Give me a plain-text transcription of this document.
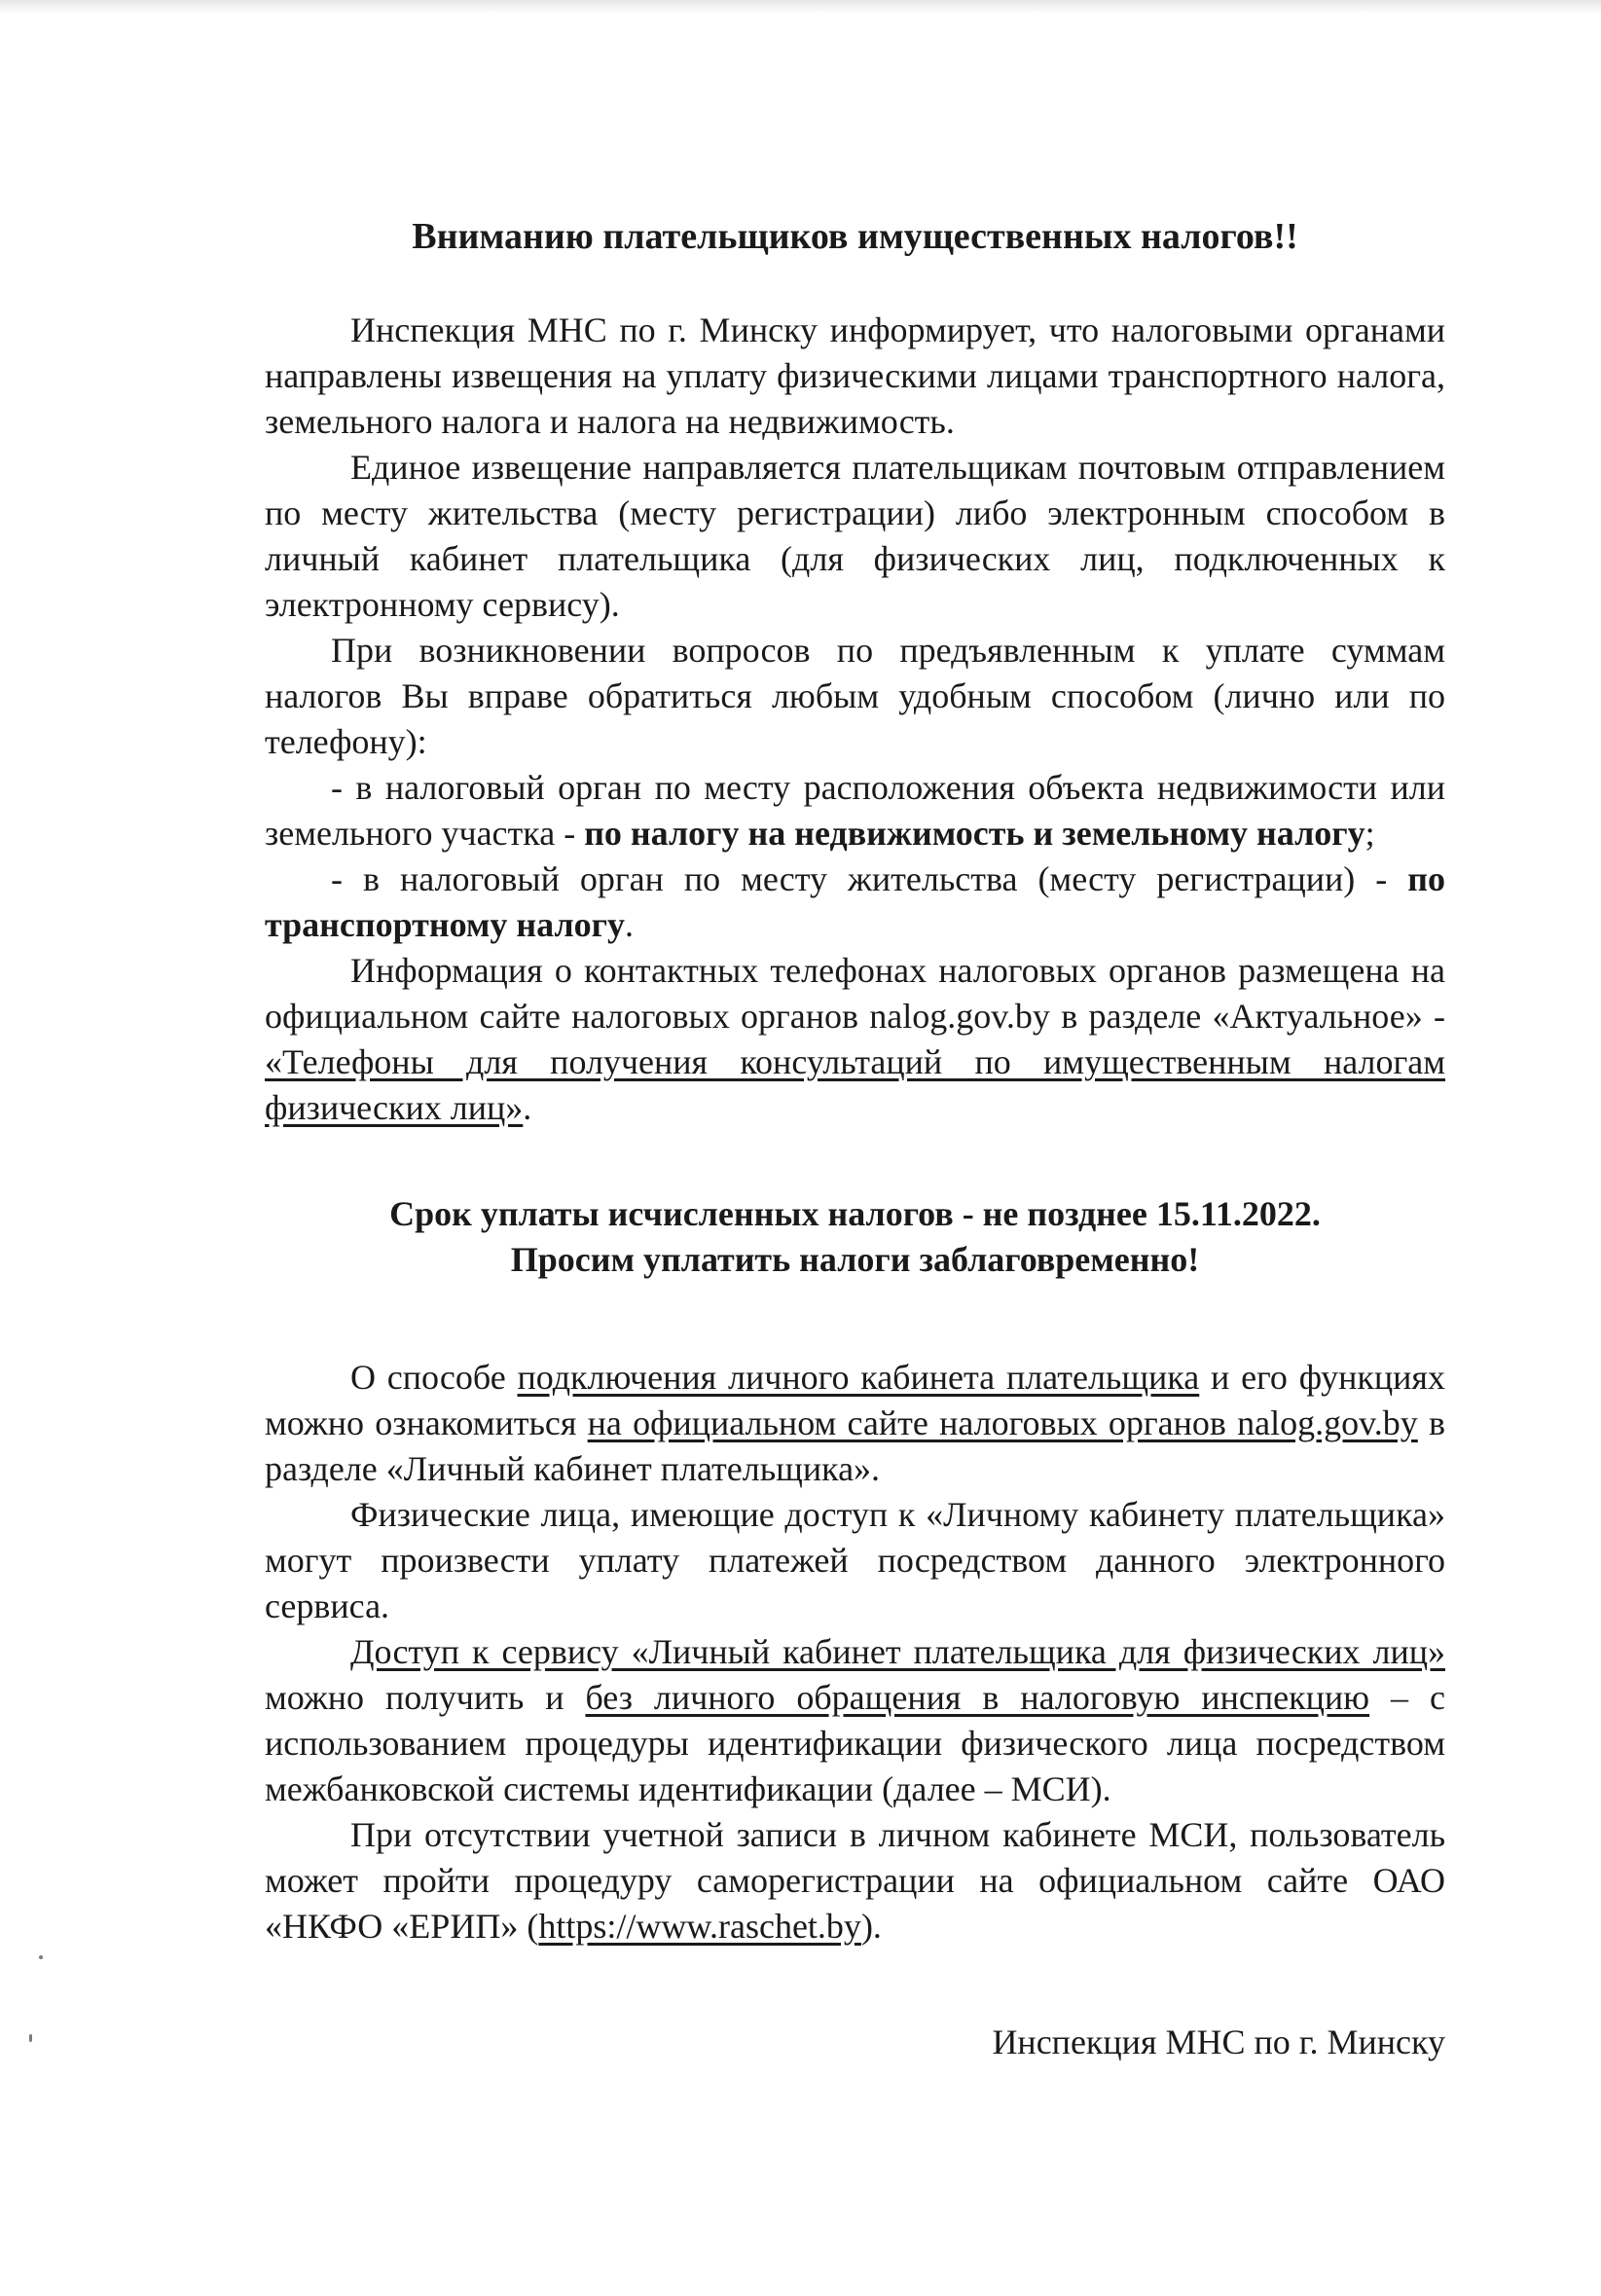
Вниманию плательщиков имущественных налогов!!

Инспекция МНС по г. Минску информирует, что налоговыми органами направлены извещения на уплату физическими лицами транспортного налога, земельного налога и налога на недвижимость.

Единое извещение направляется плательщикам почтовым отправлением по месту жительства (месту регистрации) либо электронным способом в личный кабинет плательщика (для физических лиц, подключенных к электронному сервису).

При возникновении вопросов по предъявленным к уплате суммам налогов Вы вправе обратиться любым удобным способом (лично или по телефону):

- в налоговый орган по месту расположения объекта недвижимости или земельного участка - по налогу на недвижимость и земельному налогу;

- в налоговый орган по месту жительства (месту регистрации) - по транспортному налогу.

Информация о контактных телефонах налоговых органов размещена на официальном сайте налоговых органов nalog.gov.by в разделе «Актуальное» - «Телефоны для получения консультаций по имущественным налогам физических лиц».

Срок уплаты исчисленных налогов - не позднее 15.11.2022.
Просим уплатить налоги заблаговременно!

О способе подключения личного кабинета плательщика и его функциях можно ознакомиться на официальном сайте налоговых органов nalog.gov.by в разделе «Личный кабинет плательщика».

Физические лица, имеющие доступ к «Личному кабинету плательщика» могут произвести уплату платежей посредством данного электронного сервиса.

Доступ к сервису «Личный кабинет плательщика для физических лиц» можно получить и без личного обращения в налоговую инспекцию – с использованием процедуры идентификации физического лица посредством межбанковской системы идентификации (далее – МСИ).

При отсутствии учетной записи в личном кабинете МСИ, пользователь может пройти процедуру саморегистрации на официальном сайте ОАО «НКФО «ЕРИП» (https://www.raschet.by).

Инспекция МНС по г. Минску
